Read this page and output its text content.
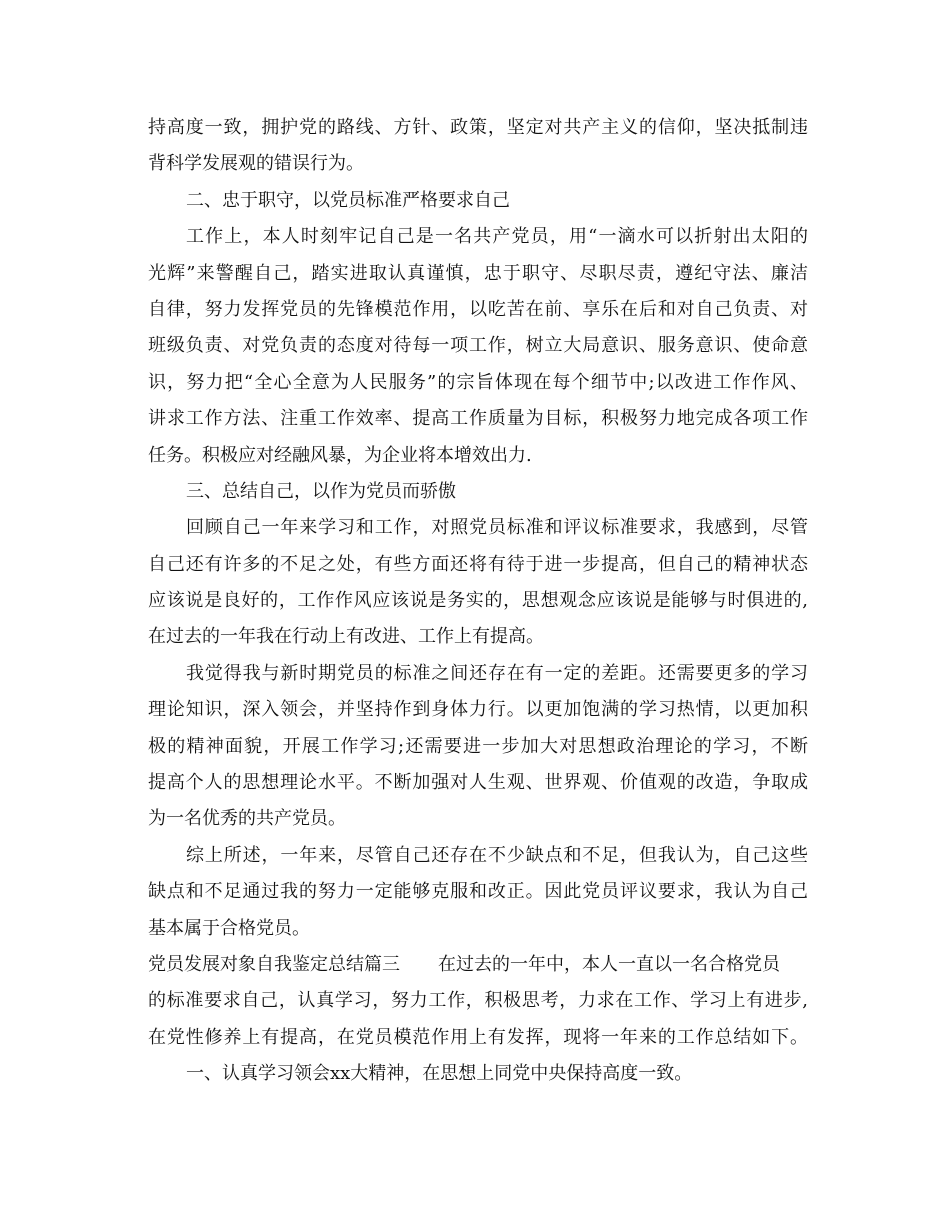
持高度一致，拥护党的路线、方针、政策，坚定对共产主义的信仰，坚决抵制违
背科学发展观的错误行为。
二、忠于职守，以党员标准严格要求自己
工作上，本人时刻牢记自己是一名共产党员，用“一滴水可以折射出太阳的
光辉”来警醒自己，踏实进取认真谨慎，忠于职守、尽职尽责，遵纪守法、廉洁
自律，努力发挥党员的先锋模范作用，以吃苦在前、享乐在后和对自己负责、对
班级负责、对党负责的态度对待每一项工作，树立大局意识、服务意识、使命意
识，努力把“全心全意为人民服务”的宗旨体现在每个细节中;以改进工作作风、
讲求工作方法、注重工作效率、提高工作质量为目标，积极努力地完成各项工作
任务。积极应对经融风暴，为企业将本增效出力.
三、总结自己，以作为党员而骄傲
回顾自己一年来学习和工作，对照党员标准和评议标准要求，我感到，尽管
自己还有许多的不足之处，有些方面还将有待于进一步提高，但自己的精神状态
应该说是良好的，工作作风应该说是务实的，思想观念应该说是能够与时俱进的,
在过去的一年我在行动上有改进、工作上有提高。
我觉得我与新时期党员的标准之间还存在有一定的差距。还需要更多的学习
理论知识，深入领会，并坚持作到身体力行。以更加饱满的学习热情，以更加积
极的精神面貌，开展工作学习;还需要进一步加大对思想政治理论的学习，不断
提高个人的思想理论水平。不断加强对人生观、世界观、价值观的改造，争取成
为一名优秀的共产党员。
综上所述，一年来，尽管自己还存在不少缺点和不足，但我认为，自己这些
缺点和不足通过我的努力一定能够克服和改正。因此党员评议要求，我认为自己
基本属于合格党员。
党员发展对象自我鉴定总结篇三 在过去的一年中，本人一直以一名合格党员
的标准要求自己，认真学习，努力工作，积极思考，力求在工作、学习上有进步,
在党性修养上有提高，在党员模范作用上有发挥，现将一年来的工作总结如下。
一、认真学习领会xx大精神，在思想上同党中央保持高度一致。
